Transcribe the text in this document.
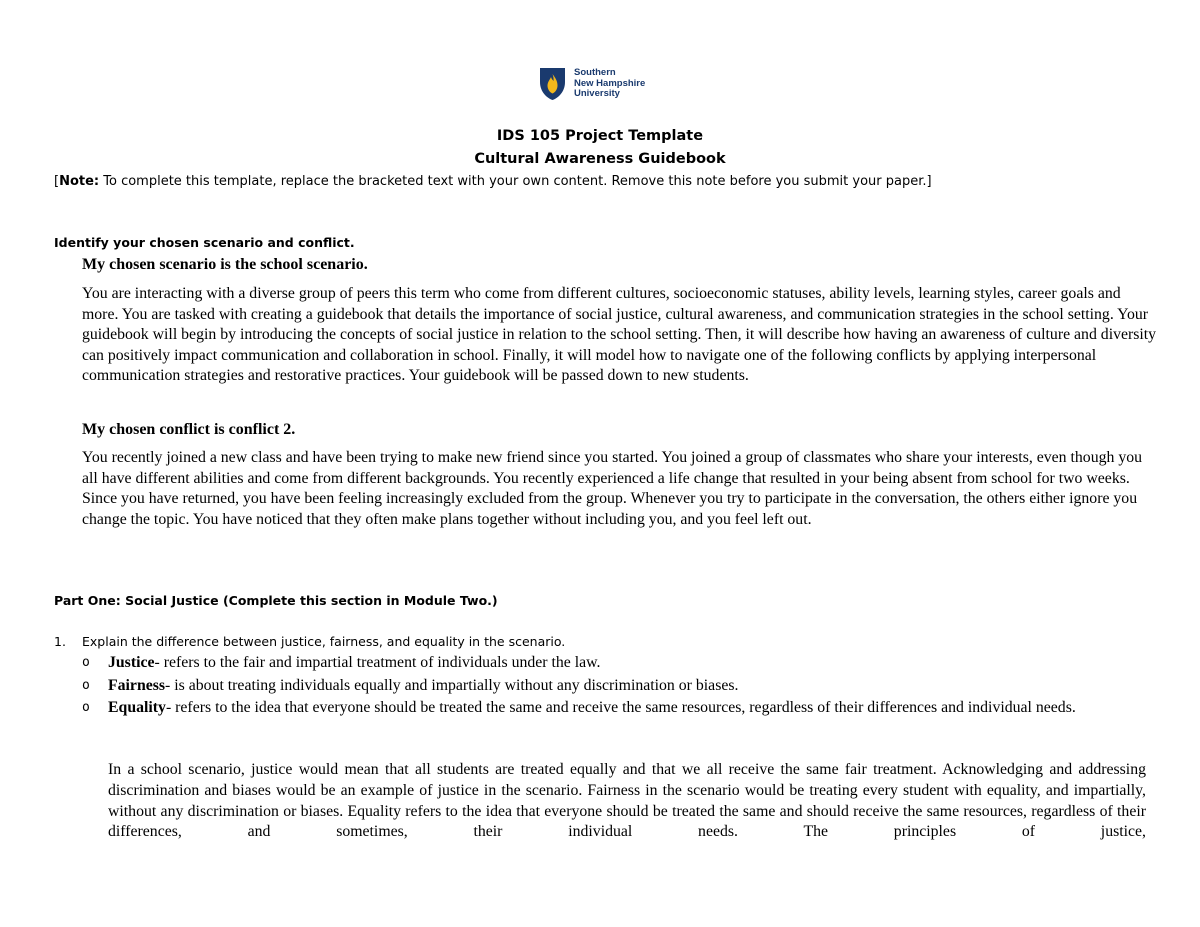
Southern
New Hampshire
University
IDS 105 Project Template
Cultural Awareness Guidebook
[Note: To complete this template, replace the bracketed text with your own content. Remove this note before you submit your paper.]
Identify your chosen scenario and conflict.
My chosen scenario is the school scenario.
You are interacting with a diverse group of peers this term who come from different cultures, socioeconomic statuses, ability levels, learning styles, career goals and more. You are tasked with creating a guidebook that details the importance of social justice, cultural awareness, and communication strategies in the school setting. Your guidebook will begin by introducing the concepts of social justice in relation to the school setting. Then, it will describe how having an awareness of culture and diversity can positively impact communication and collaboration in school. Finally, it will model how to navigate one of the following conflicts by applying interpersonal communication strategies and restorative practices. Your guidebook will be passed down to new students.
My chosen conflict is conflict 2.
You recently joined a new class and have been trying to make new friend since you started. You joined a group of classmates who share your interests, even though you all have different abilities and come from different backgrounds. You recently experienced a life change that resulted in your being absent from school for two weeks. Since you have returned, you have been feeling increasingly excluded from the group. Whenever you try to participate in the conversation, the others either ignore you change the topic. You have noticed that they often make plans together without including you, and you feel left out.
Part One: Social Justice (Complete this section in Module Two.)
1. Explain the difference between justice, fairness, and equality in the scenario.
o Justice- refers to the fair and impartial treatment of individuals under the law.
o Fairness- is about treating individuals equally and impartially without any discrimination or biases.
o Equality- refers to the idea that everyone should be treated the same and receive the same resources, regardless of their differences and individual needs.
In a school scenario, justice would mean that all students are treated equally and that we all receive the same fair treatment. Acknowledging and addressing discrimination and biases would be an example of justice in the scenario. Fairness in the scenario would be treating every student with equality, and impartially, without any discrimination or biases. Equality refers to the idea that everyone should be treated the same and should receive the same resources, regardless of their differences, and sometimes, their individual needs. The principles of justice,
